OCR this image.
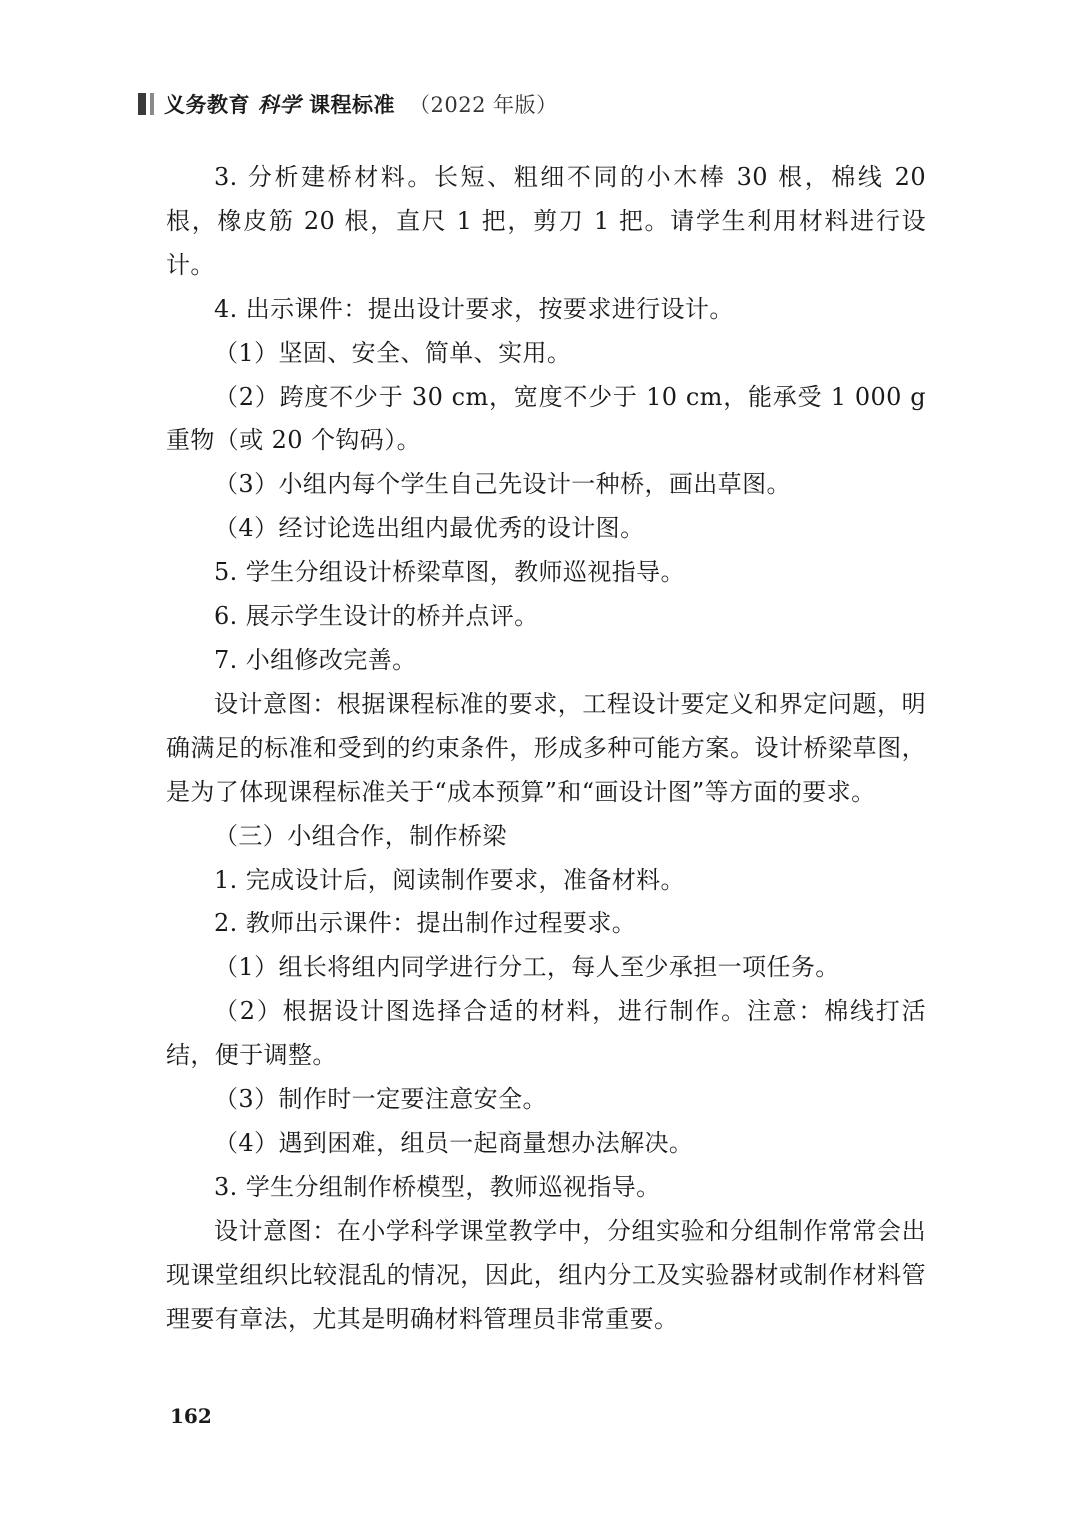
义务教育 科学 课程标准 （2022 年版）

3. 分析建桥材料。长短、粗细不同的小木棒 30 根，棉线 20 根，橡皮筋 20 根，直尺 1 把，剪刀 1 把。请学生利用材料进行设计。

4. 出示课件：提出设计要求，按要求进行设计。

（1）坚固、安全、简单、实用。

（2）跨度不少于 30 cm，宽度不少于 10 cm，能承受 1 000 g 重物（或 20 个钩码）。

（3）小组内每个学生自己先设计一种桥，画出草图。

（4）经讨论选出组内最优秀的设计图。

5. 学生分组设计桥梁草图，教师巡视指导。

6. 展示学生设计的桥并点评。

7. 小组修改完善。

设计意图：根据课程标准的要求，工程设计要定义和界定问题，明确满足的标准和受到的约束条件，形成多种可能方案。设计桥梁草图，是为了体现课程标准关于“成本预算”和“画设计图”等方面的要求。

（三）小组合作，制作桥梁

1. 完成设计后，阅读制作要求，准备材料。

2. 教师出示课件：提出制作过程要求。

（1）组长将组内同学进行分工，每人至少承担一项任务。

（2）根据设计图选择合适的材料，进行制作。注意：棉线打活结，便于调整。

（3）制作时一定要注意安全。

（4）遇到困难，组员一起商量想办法解决。

3. 学生分组制作桥模型，教师巡视指导。

设计意图：在小学科学课堂教学中，分组实验和分组制作常常会出现课堂组织比较混乱的情况，因此，组内分工及实验器材或制作材料管理要有章法，尤其是明确材料管理员非常重要。

162
